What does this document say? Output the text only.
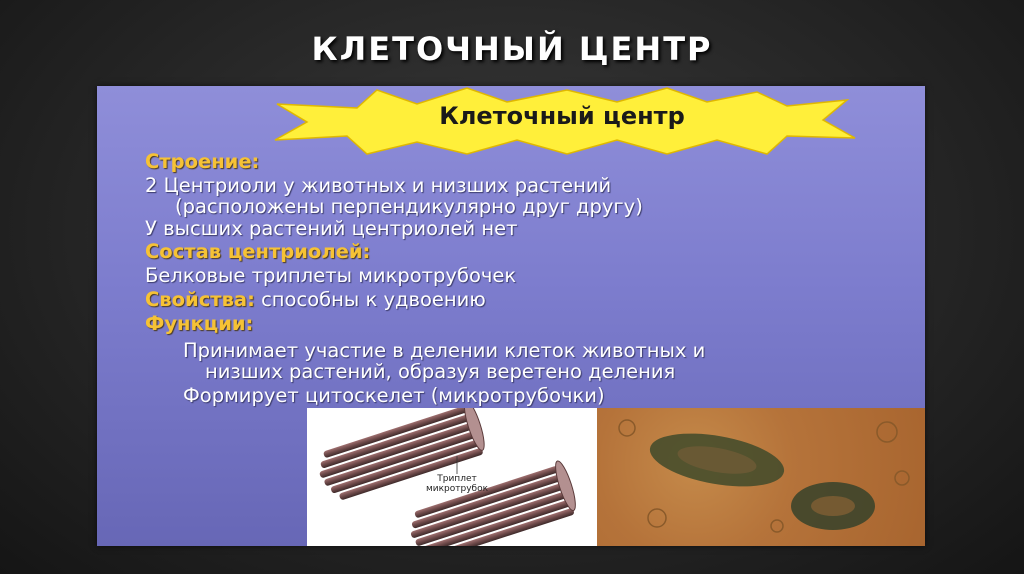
КЛЕТОЧНЫЙ ЦЕНТР
Клеточный центр
Строение:
2 Центриоли у животных и низших растений
(расположены перпендикулярно друг другу)
У высших растений центриолей нет
Состав центриолей:
Белковые триплеты микротрубочек
Свойства: способны к удвоению
Функции:
Принимает участие в делении клеток животных и
низших растений, образуя веретено деления
Формирует цитоскелет (микротрубочки)
Триплет
микротрубок
